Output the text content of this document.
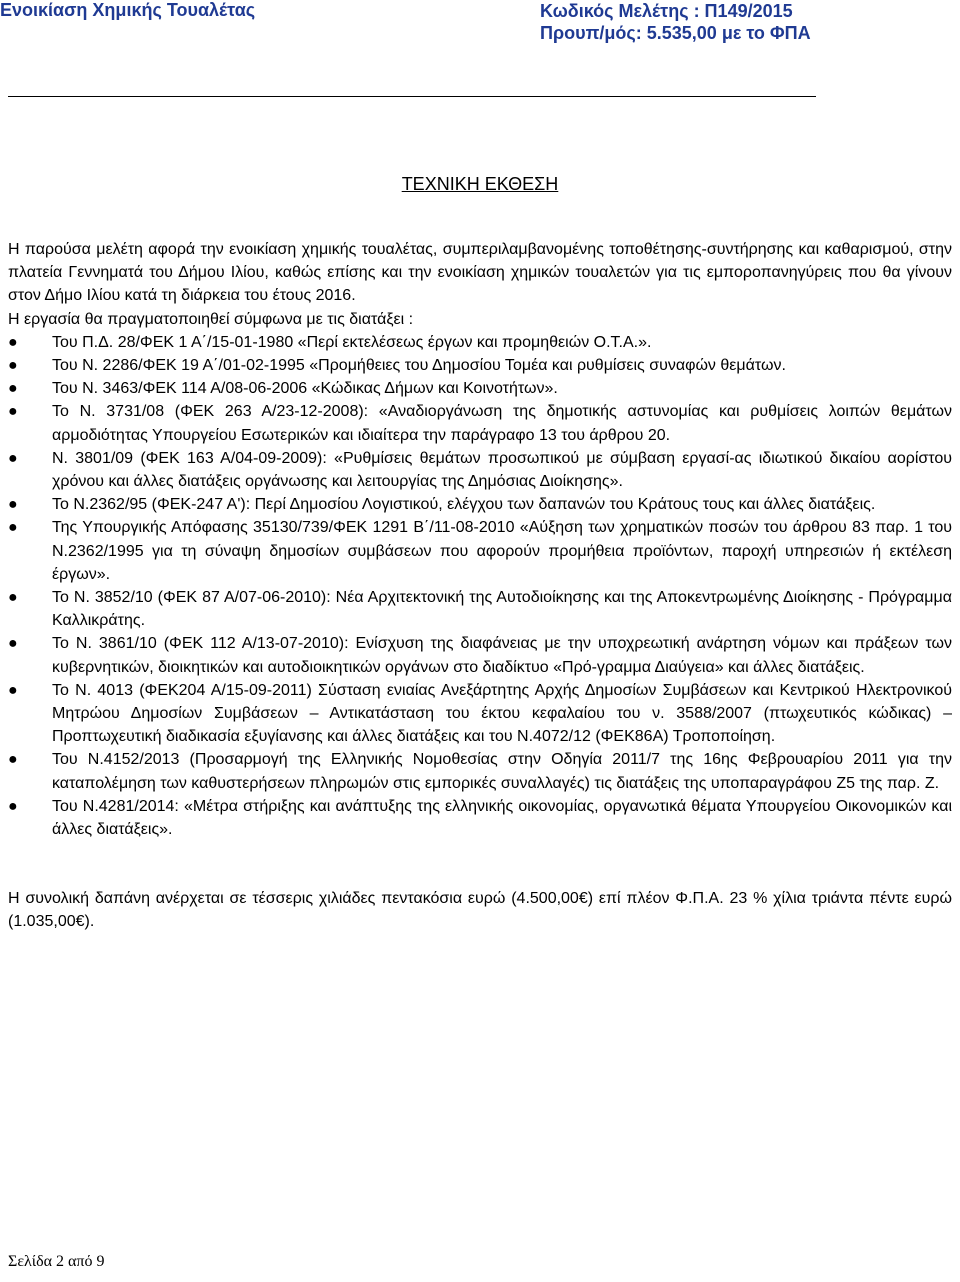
Ενοικίαση Χημικής Τουαλέτας	Κωδικός Μελέτης : Π149/2015
Προυπ/μός: 5.535,00 με το ΦΠΑ
ΤΕΧΝΙΚΗ ΕΚΘΕΣΗ

Η παρούσα μελέτη αφορά την ενοικίαση χημικής τουαλέτας, συμπεριλαμβανομένης τοποθέτησης-συντήρησης και καθαρισμού, στην πλατεία Γεννηματά του Δήμου Ιλίου, καθώς επίσης και την ενοικίαση χημικών τουαλετών για τις εμποροπανηγύρεις που θα γίνουν στον Δήμο Ιλίου κατά τη διάρκεια του έτους 2016.

Η εργασία θα πραγματοποιηθεί σύμφωνα με τις διατάξει :

● Του Π.Δ. 28/ΦΕΚ 1 Α΄/15-01-1980 «Περί εκτελέσεως έργων και προμηθειών Ο.Τ.Α.».
● Του Ν. 2286/ΦΕΚ 19 Α΄/01-02-1995 «Προμήθειες του Δημοσίου Τομέα και ρυθμίσεις συναφών θεμάτων.
● Του Ν. 3463/ΦΕΚ 114 Α/08-06-2006 «Κώδικας Δήμων και Κοινοτήτων».
● Το Ν. 3731/08 (ΦΕΚ 263 Α/23-12-2008): «Αναδιοργάνωση της δημοτικής αστυνομίας και ρυθμίσεις λοιπών θεμάτων αρμοδιότητας Υπουργείου Εσωτερικών και ιδιαίτερα την παράγραφο 13 του άρθρου 20.
● Ν. 3801/09 (ΦΕΚ 163 Α/04-09-2009): «Ρυθμίσεις θεμάτων προσωπικού με σύμβαση εργασί-ας ιδιωτικού δικαίου αορίστου χρόνου και άλλες διατάξεις οργάνωσης και λειτουργίας της Δημόσιας Διοίκησης».
● Το Ν.2362/95 (ΦΕΚ-247 Α'): Περί Δημοσίου Λογιστικού, ελέγχου των δαπανών του Κράτους τους και άλλες διατάξεις.
● Της Υπουργικής Απόφασης 35130/739/ΦΕΚ 1291 Β΄/11-08-2010 «Αύξηση των χρηματικών ποσών του άρθρου 83 παρ. 1 του Ν.2362/1995 για τη σύναψη δημοσίων συμβάσεων που αφορούν προμήθεια προϊόντων, παροχή υπηρεσιών ή εκτέλεση έργων».
● Το Ν. 3852/10 (ΦΕΚ 87 Α/07-06-2010): Νέα Αρχιτεκτονική της Αυτοδιοίκησης και της Αποκεντρωμένης Διοίκησης - Πρόγραμμα Καλλικράτης.
● Το Ν. 3861/10 (ΦΕΚ 112 Α/13-07-2010): Ενίσχυση της διαφάνειας με την υποχρεωτική ανάρτηση νόμων και πράξεων των κυβερνητικών, διοικητικών και αυτοδιοικητικών οργάνων στο διαδίκτυο «Πρό-γραμμα Διαύγεια» και άλλες διατάξεις.
● Το Ν. 4013 (ΦΕΚ204 Α/15-09-2011) Σύσταση ενιαίας Ανεξάρτητης Αρχής Δημοσίων Συμβάσεων και Κεντρικού Ηλεκτρονικού Μητρώου Δημοσίων Συμβάσεων – Αντικατάσταση του έκτου κεφαλαίου του ν. 3588/2007 (πτωχευτικός κώδικας) – Προπτωχευτική διαδικασία εξυγίανσης και άλλες διατάξεις και του Ν.4072/12 (ΦΕΚ86Α) Τροποποίηση.
● Του Ν.4152/2013 (Προσαρμογή της Ελληνικής Νομοθεσίας στην Οδηγία 2011/7 της 16ης Φεβρουαρίου 2011 για την καταπολέμηση των καθυστερήσεων πληρωμών στις εμπορικές συναλλαγές) τις διατάξεις της υποπαραγράφου Ζ5 της παρ. Ζ.
● Του Ν.4281/2014: «Μέτρα στήριξης και ανάπτυξης της ελληνικής οικονομίας, οργανωτικά θέματα Υπουργείου Οικονομικών και άλλες διατάξεις».

Η συνολική δαπάνη ανέρχεται σε τέσσερις χιλιάδες πεντακόσια ευρώ (4.500,00€) επί πλέον Φ.Π.Α. 23 % χίλια τριάντα πέντε ευρώ (1.035,00€).

Σελίδα 2 από 9
